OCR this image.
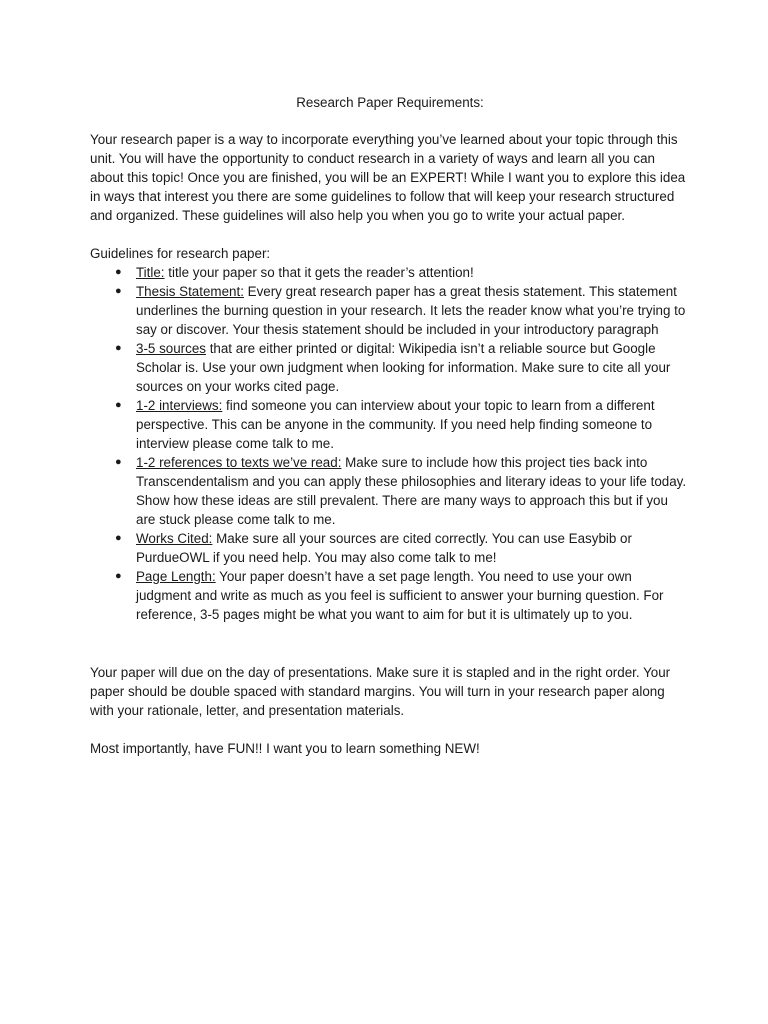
Research Paper Requirements:

Your research paper is a way to incorporate everything you’ve learned about your topic through this unit. You will have the opportunity to conduct research in a variety of ways and learn all you can about this topic! Once you are finished, you will be an EXPERT! While I want you to explore this idea in ways that interest you there are some guidelines to follow that will keep your research structured and organized. These guidelines will also help you when you go to write your actual paper.

Guidelines for research paper:

● Title: title your paper so that it gets the reader’s attention!
● Thesis Statement: Every great research paper has a great thesis statement. This statement underlines the burning question in your research. It lets the reader know what you’re trying to say or discover. Your thesis statement should be included in your introductory paragraph
● 3-5 sources that are either printed or digital: Wikipedia isn’t a reliable source but Google Scholar is. Use your own judgment when looking for information. Make sure to cite all your sources on your works cited page.
● 1-2 interviews: find someone you can interview about your topic to learn from a different perspective. This can be anyone in the community. If you need help finding someone to interview please come talk to me.
● 1-2 references to texts we’ve read: Make sure to include how this project ties back into Transcendentalism and you can apply these philosophies and literary ideas to your life today. Show how these ideas are still prevalent. There are many ways to approach this but if you are stuck please come talk to me.
● Works Cited: Make sure all your sources are cited correctly. You can use Easybib or PurdueOWL if you need help. You may also come talk to me!
● Page Length: Your paper doesn’t have a set page length. You need to use your own judgment and write as much as you feel is sufficient to answer your burning question. For reference, 3-5 pages might be what you want to aim for but it is ultimately up to you.

Your paper will due on the day of presentations. Make sure it is stapled and in the right order. Your paper should be double spaced with standard margins. You will turn in your research paper along with your rationale, letter, and presentation materials.

Most importantly, have FUN!! I want you to learn something NEW!
